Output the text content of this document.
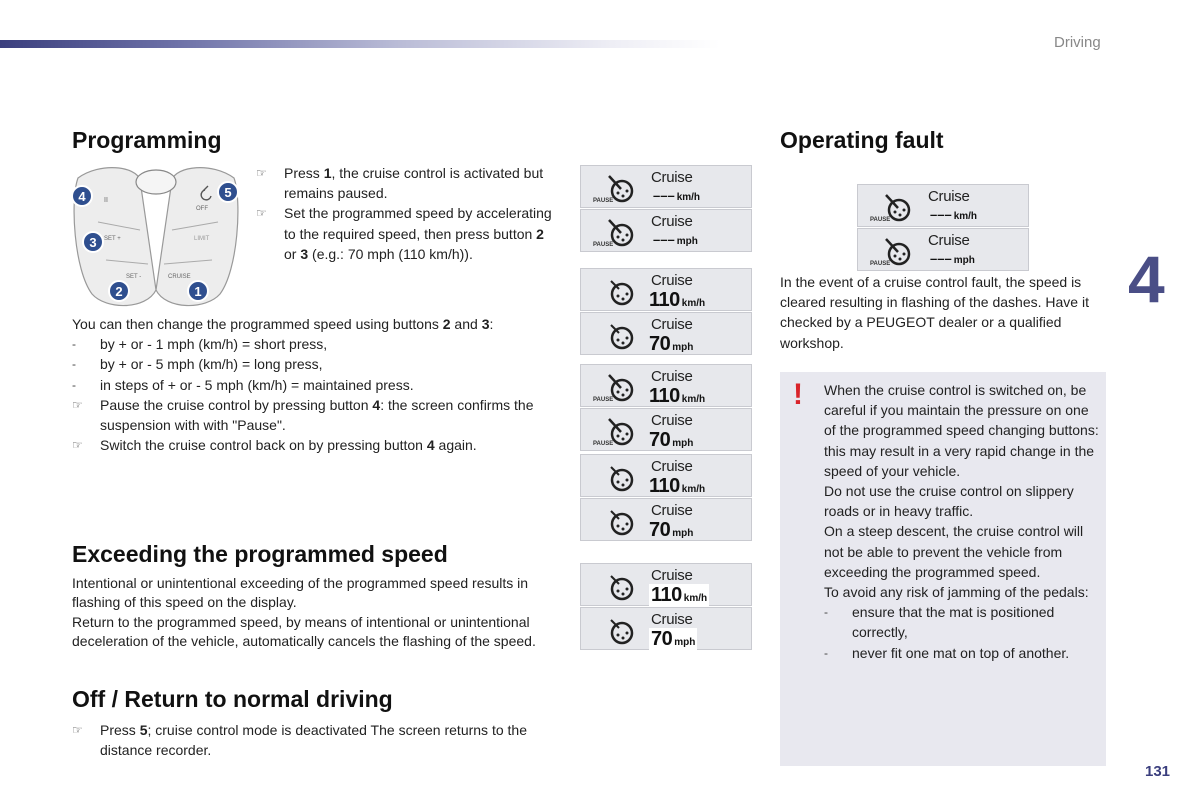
Driving
4
131
Programming
II
OFF
SET +	LIMIT
SET -	CRUISE
4	5
3
2	1
☞	Press 1, the cruise control is activated but remains paused.
☞	Set the programmed speed by accelerating to the required speed, then press button 2 or 3 (e.g.: 70 mph (110 km/h)).

You can then change the programmed speed using buttons 2 and 3:

-	by + or - 1 mph (km/h) = short press,
-	by + or - 5 mph (km/h) = long press,
-	in steps of + or - 5 mph (km/h) = maintained press.
☞	Pause the cruise control by pressing button 4: the screen confirms the suspension with with "Pause".
☞	Switch the cruise control back on by pressing button 4 again.
Exceeding the programmed speed

Intentional or unintentional exceeding of the programmed speed results in flashing of this speed on the display.

Return to the programmed speed, by means of intentional or unintentional deceleration of the vehicle, automatically cancels the flashing of the speed.

Off / Return to normal driving
☞	Press 5; cruise control mode is deactivated The screen returns to the distance recorder.
Operating fault
In the event of a cruise control fault, the speed is cleared resulting in flashing of the dashes. Have it checked by a PEUGEOT dealer or a qualified workshop.
! When the cruise control is switched on, be careful if you maintain the pressure on one of the programmed speed changing buttons: this may result in a very rapid change in the speed of your vehicle.

Do not use the cruise control on slippery roads or in heavy traffic.

On a steep descent, the cruise control will not be able to prevent the vehicle from exceeding the programmed speed.

To avoid any risk of jamming of the pedals:

-	ensure that the mat is positioned correctly,
-	never fit one mat on top of another.
PAUSE
Cruise
––– km/h
PAUSE
Cruise
––– mph
Cruise
110 km/h
Cruise
70 mph
PAUSE
Cruise
110 km/h
PAUSE
Cruise
70 mph
Cruise
110 km/h
Cruise
70 mph
Cruise
110 km/h
Cruise
70 mph
PAUSE
Cruise
––– km/h
PAUSE
Cruise
––– mph
